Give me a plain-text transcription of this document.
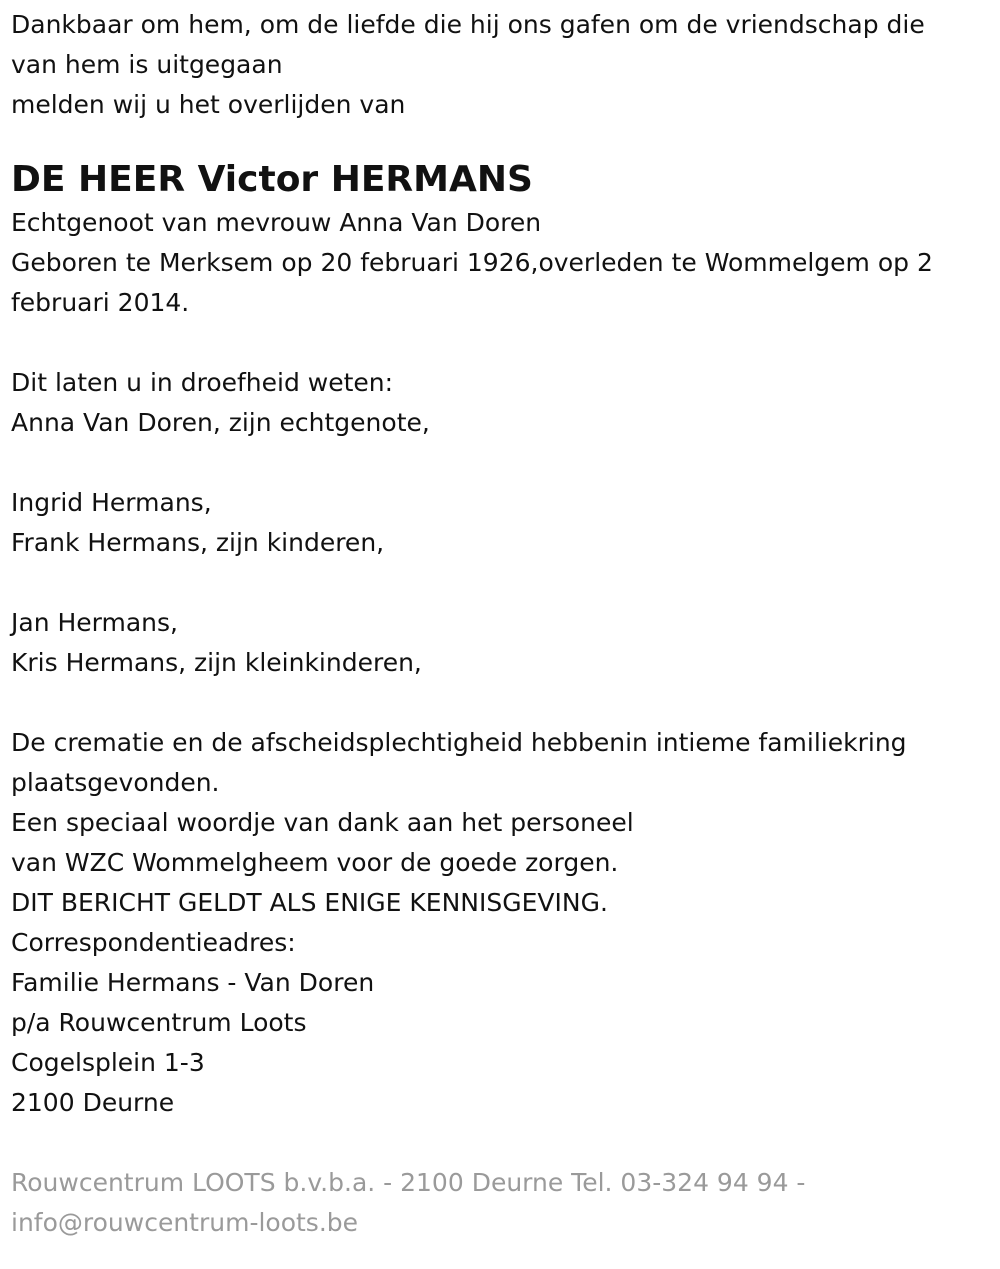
Dankbaar om hem, om de liefde die hij ons gafen om de vriendschap die
van hem is uitgegaan
melden wij u het overlijden van
DE HEER Victor HERMANS
Echtgenoot van mevrouw Anna Van Doren
Geboren te Merksem op 20 februari 1926,overleden te Wommelgem op 2
februari 2014.
Dit laten u in droefheid weten:
Anna Van Doren, zijn echtgenote,
Ingrid Hermans,
Frank Hermans, zijn kinderen,
Jan Hermans,
Kris Hermans, zijn kleinkinderen,
De crematie en de afscheidsplechtigheid hebbenin intieme familiekring
plaatsgevonden.
Een speciaal woordje van dank aan het personeel
van WZC Wommelgheem voor de goede zorgen.
DIT BERICHT GELDT ALS ENIGE KENNISGEVING.
Correspondentieadres:
Familie Hermans - Van Doren
p/a Rouwcentrum Loots
Cogelsplein 1-3
2100 Deurne
Rouwcentrum LOOTS b.v.b.a. - 2100 Deurne Tel. 03-324 94 94 -
info@rouwcentrum-loots.be
